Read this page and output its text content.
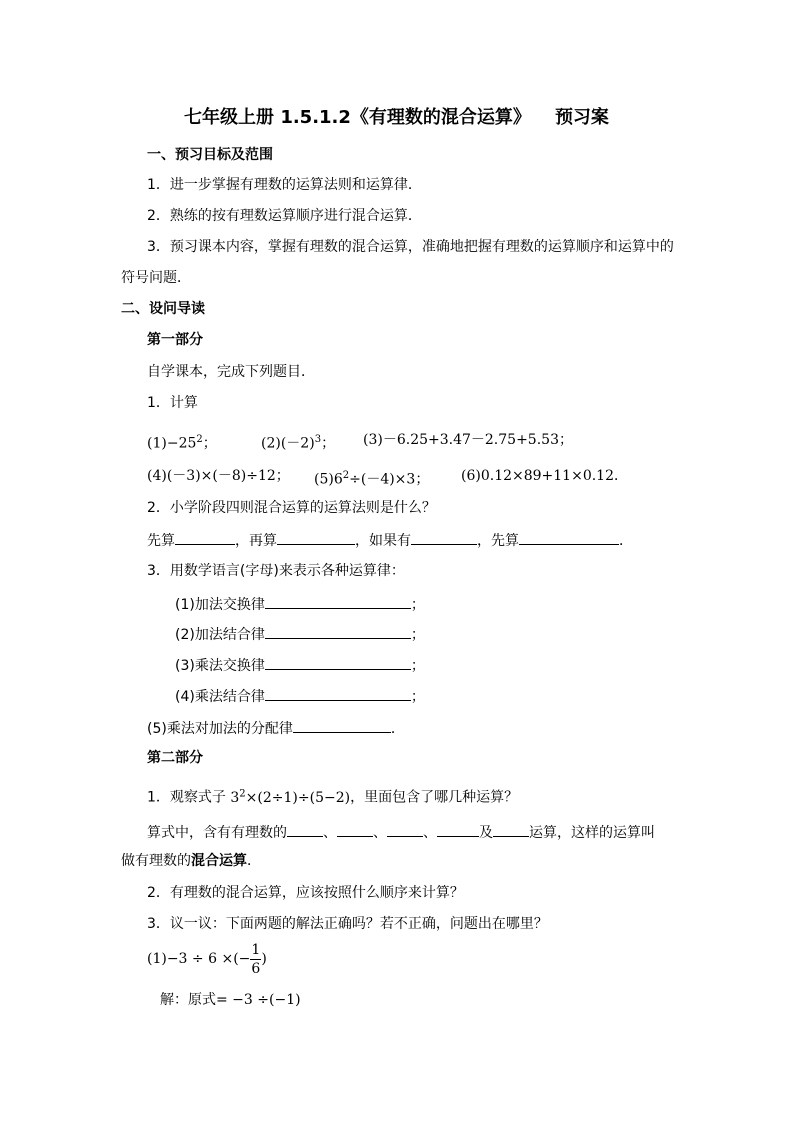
七年级上册 1.5.1.2《有理数的混合运算》 预习案
一、预习目标及范围
1．进一步掌握有理数的运算法则和运算律．
2．熟练的按有理数运算顺序进行混合运算．
3．预习课本内容，掌握有理数的混合运算，准确地把握有理数的运算顺序和运算中的
符号问题．
二、设问导读
第一部分
自学课本，完成下列题目．
1．计算
$(1)-25^2$；	$(2)(-2)^3$； (3)－6.25+3.47－2.75+5.53；
(4)(－3)×(－8)÷12； $(5)6^2\div(-4)\times 3$； (6)0.12×89+11×0.12．
2．小学阶段四则混合运算的运算法则是什么？
先算	，再算	，如果有	，先算	．
3．用数学语言(字母)来表示各种运算律：
(1)加法交换律	；
(2)加法结合律	；
(3)乘法交换律	；
(4)乘法结合律	；
(5)乘法对加法的分配律	．
第二部分
1．观察式子 $3^2\times(2\div 1)\div(5-2)$，里面包含了哪几种运算？
算式中，含有有理数的	、	、	、	及	运算，这样的运算叫
做有理数的混合运算．
2．有理数的混合运算，应该按照什么顺序来计算？
3．议一议：下面两题的解法正确吗？若不正确，问题出在哪里？
(1)−3 ÷ 6 ×(− $\frac{1}{6}$ )
解：原式= −3 ÷(−1)
